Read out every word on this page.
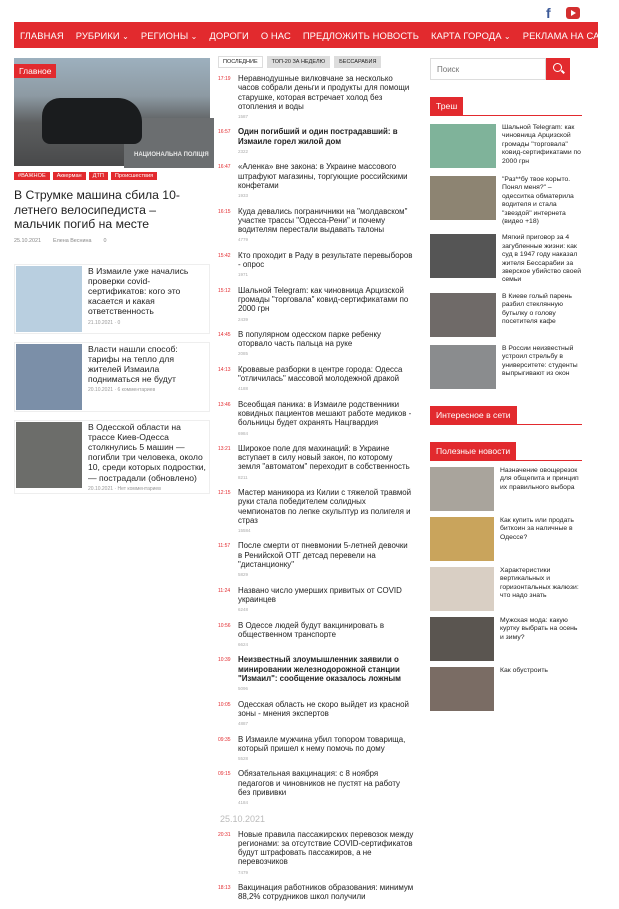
f
ГЛАВНАЯ РУБРИКИ ⌄	РЕГИОНЫ ⌄	ДОРОГИ О НАС ПРЕДЛОЖИТЬ НОВОСТЬ КАРТА ГОРОДА ⌄	РЕКЛАМА НА САЙТЕ
НАЦИОНАЛЬНА ПОЛІЦІЯ
Главное
#ВАЖНОЕ	Аккерман	ДТП	Происшествия
В Струмке машина сбила 10-летнего велосипедиста – мальчик погиб на месте
25.10.2021 Елена Веснина 0
В Измаиле уже начались проверки covid-сертификатов: кого это касается и какая ответственность
21.10.2021 · 0
Власти нашли способ: тарифы на тепло для жителей Измаила подниматься не будут
20.10.2021 · 6 комментариев
В Одесской области на трассе Киев-Одесса столкнулись 5 машин — погибли три человека, около 10, среди которых подростки, — пострадали (обновлено)
20.10.2021 · Нет комментариев
ПОСЛЕДНИЕ	ТОП-20 ЗА НЕДЕЛЮ	БЕССАРАБИЯ
17:19 Неравнодушные вилковчане за несколько часов собрали деньги и продукты для помощи старушке, которая встречает холод без отопления и воды
1587
16:57 Один погибший и один пострадавший: в Измаиле горел жилой дом
2322
16:47 «Аленка» вне закона: в Украине массового штрафуют магазины, торгующие российскими конфетами
1933
16:15 Куда девались пограничники на "молдавском" участке трассы "Одесса-Рени" и почему водителям перестали выдавать талоны
4779
15:42 Кто проходит в Раду в результате перевыборов - опрос
1971
15:12 Шальной Telegram: как чиновница Арцизской громады "торговала" ковид-сертификатами по 2000 грн
2439
14:45 В популярном одесском парке ребенку оторвало часть пальца на руке
2085
14:13 Кровавые разборки в центре города: Одесса "отличилась" массовой молодежной дракой
4188
13:46 Всеобщая паника: в Измаиле родственники ковидных пациентов мешают работе медиков - больницы будет охранять Нацгвардия
6984
13:21 Широкое поле для махинаций: в Украине вступает в силу новый закон, по которому земля "автоматом" переходит в собственность
8211
12:15 Мастер маникюра из Килии с тяжелой травмой руки стала победителем солидных чемпионатов по лепке скульптур из полигеля и страз
15584
11:57 После смерти от пневмонии 5-летней девочки в Ренийской ОТГ детсад перевели на "дистанционку"
5829
11:24 Названо число умерших привитых от COVID украинцев
6248
10:56 В Одессе людей будут вакцинировать в общественном транспорте
6624
10:39 Неизвестный злоумышленник заявили о минировании железнодорожной станции "Измаил": сообщение оказалось ложным
5096
10:05 Одесская область не скоро выйдет из красной зоны - мнения экспертов
4887
09:35 В Измаиле мужчина убил топором товарища, который пришел к нему помочь по дому
5528
09:15 Обязательная вакцинация: с 8 ноября педагогов и чиновников не пустят на работу без прививки
4184
25.10.2021
20:31 Новые правила пассажирских перевозок между регионами: за отсутствие COVID-сертификатов будут штрафовать пассажиров, а не перевозчиков
7479
18:13 Вакцинация работников образования: минимум 88,2% сотрудников школ получили
Поиск
Треш
Шальной Telegram: как чиновница Арцизской громады "торговала" ковид-сертификатами по 2000 грн
"Раз**бу твое корыто. Понял меня?" – одесситка обматерила водителя и стала "звездой" интернета (видео +18)
Мягкий приговор за 4 загубленные жизни: как суд в 1947 году наказал жителя Бессарабии за зверское убийство своей семьи
В Киеве голый парень разбил стеклянную бутылку о голову посетителя кафе
В России неизвестный устроил стрельбу в университете: студенты выпрыгивают из окон
Интересное в сети
Полезные новости
Назначение овощерезок для общепита и принцип их правильного выбора
Как купить или продать биткоин за наличные в Одессе?
Характеристики вертикальных и горизонтальных жалюзи: что надо знать
Мужская мода: какую куртку выбрать на осень и зиму?
Как обустроить
